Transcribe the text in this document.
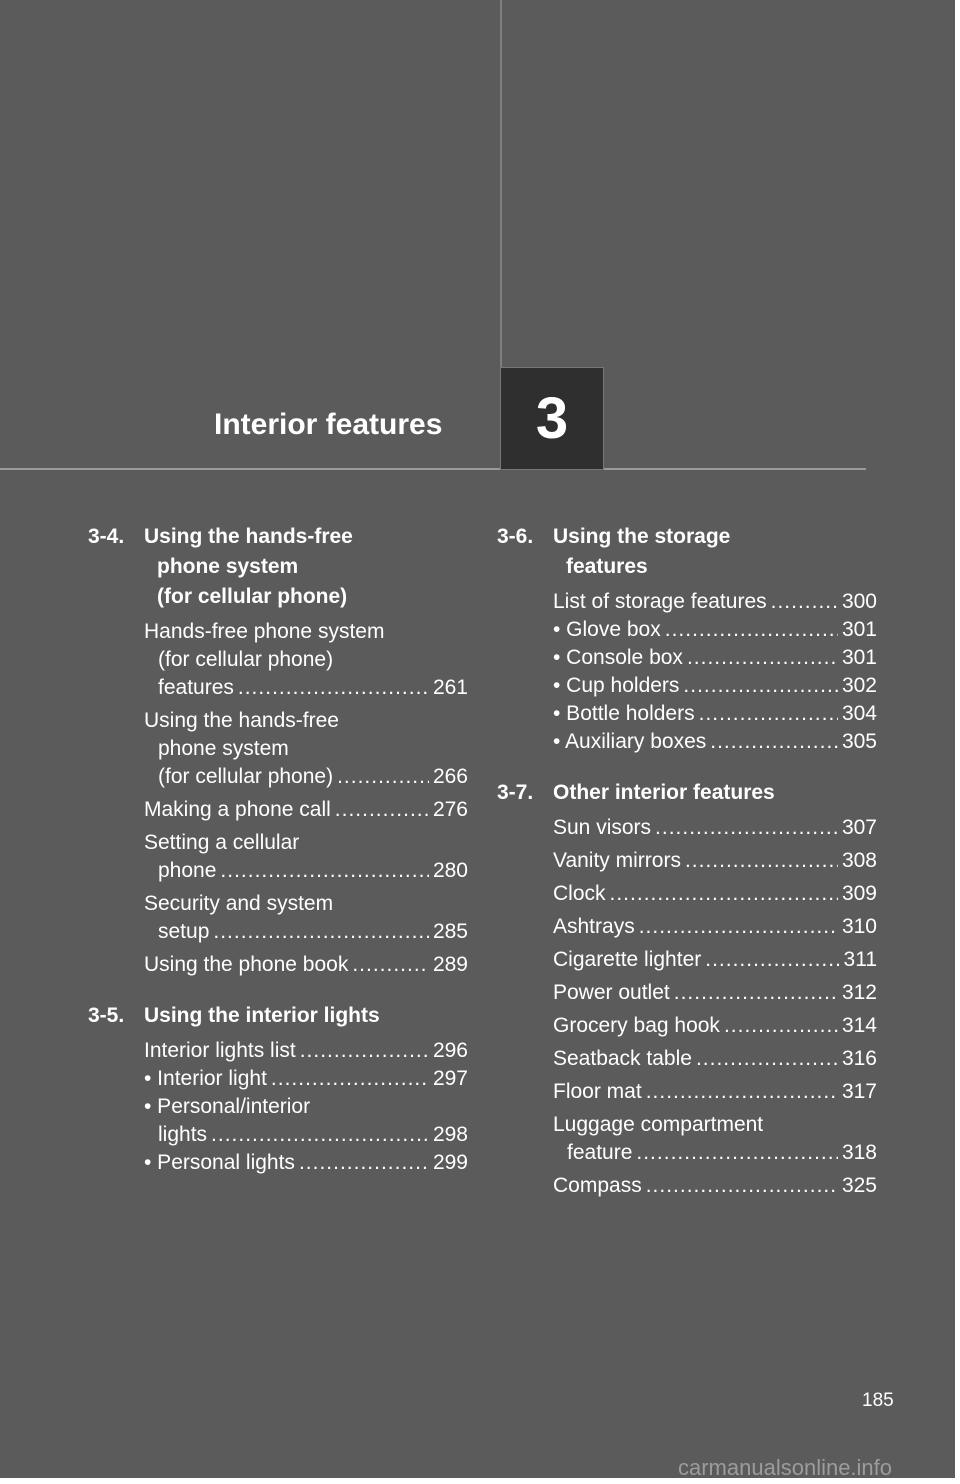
Interior features 3
3-4. Using the hands-free
phone system
(for cellular phone)
Hands-free phone system
(for cellular phone)
features .....	261
Using the hands-free
phone system
(for cellular phone) .....	266
Making a phone call .....	276
Setting a cellular
phone .....	280
Security and system
setup .....	285
Using the phone book .....	289
3-5. Using the interior lights
Interior lights list .....	296
• Interior light .....	297
• Personal/interior
lights .....	298
• Personal lights .....	299
3-6. Using the storage
features
List of storage features .....	300
• Glove box .....	301
• Console box .....	301
• Cup holders .....	302
• Bottle holders .....	304
• Auxiliary boxes .....	305
3-7. Other interior features
Sun visors .....	307
Vanity mirrors .....	308
Clock .....	309
Ashtrays .....	310
Cigarette lighter .....	311
Power outlet .....	312
Grocery bag hook .....	314
Seatback table .....	316
Floor mat .....	317
Luggage compartment
feature .....	318
Compass .....	325
185
carmanualsonline.info
